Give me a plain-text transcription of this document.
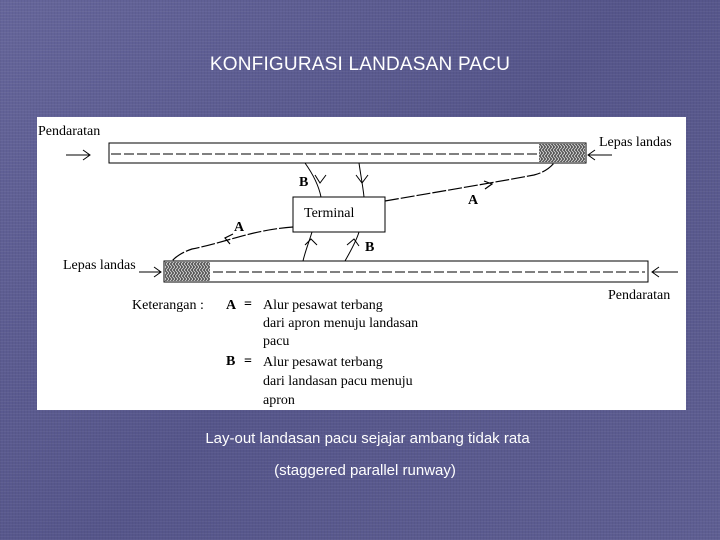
KONFIGURASI LANDASAN PACU
Pendaratan
Lepas landas
Terminal
B
A
A
B
Lepas landas
Pendaratan
Keterangan : A = Alur pesawat terbang
dari apron menuju landasan
pacu
B = Alur pesawat terbang
dari landasan pacu menuju
apron
Lay-out landasan pacu sejajar ambang tidak rata
(staggered parallel runway)
